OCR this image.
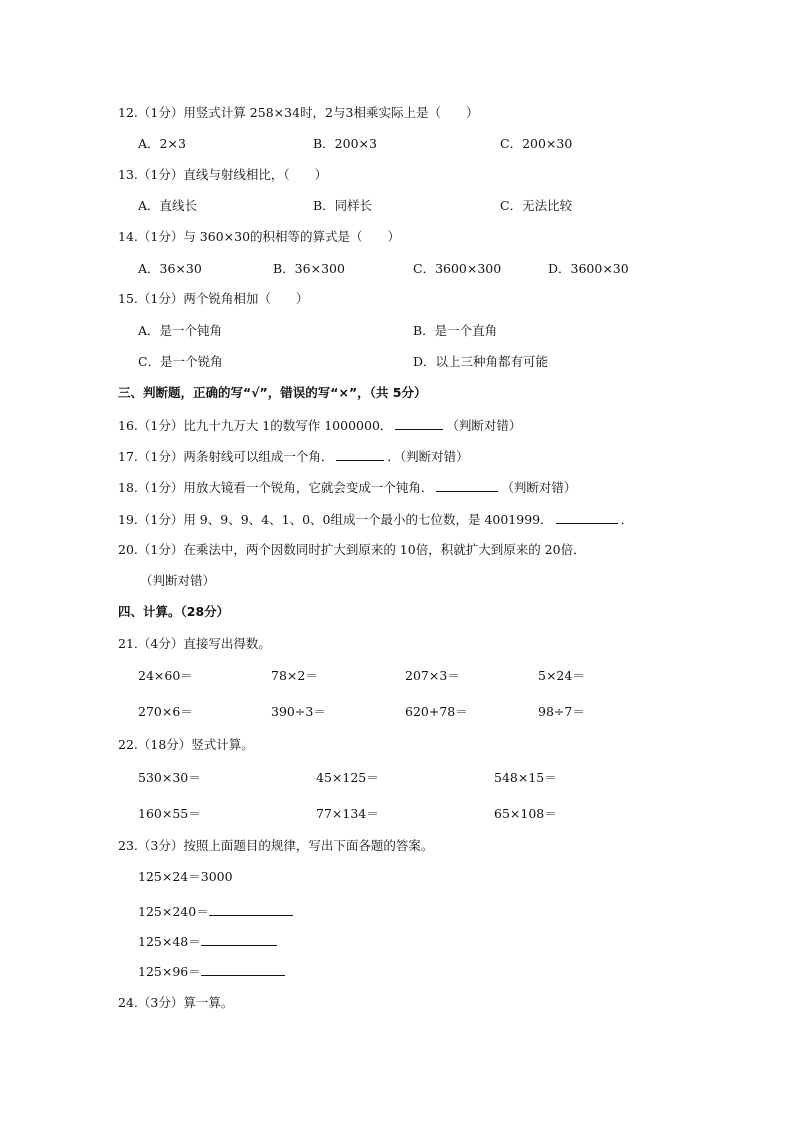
12.（1分）用竖式计算 258×34时，2与3相乘实际上是（　　）
A．2×3	B．200×3	C．200×30
13.（1分）直线与射线相比，（　　）
A．直线长	B．同样长	C．无法比较
14.（1分）与 360×30的积相等的算式是（　　）
A．36×30	B．36×300	C．3600×300	D．3600×30
15.（1分）两个锐角相加（　　）
A．是一个钝角	B．是一个直角
C．是一个锐角	D．以上三种角都有可能
三、判断题，正确的写“√”，错误的写“×”，（共 5分）
16.（1分）比九十九万大 1的数写作 1000000．	（判断对错）
17.（1分）两条射线可以组成一个角．	．（判断对错）
18.（1分）用放大镜看一个锐角，它就会变成一个钝角．	（判断对错）
19.（1分）用 9、9、9、4、1、0、0组成一个最小的七位数，是 4001999．	．
20.（1分）在乘法中，两个因数同时扩大到原来的 10倍，积就扩大到原来的 20倍．
（判断对错）
四、计算。（28分）
21.（4分）直接写出得数。
24×60＝	78×2＝	207×3＝	5×24＝
270×6＝	390÷3＝	620+78＝	98÷7＝
22.（18分）竖式计算。
530×30＝	45×125＝	548×15＝
160×55＝	77×134＝	65×108＝
23.（3分）按照上面题目的规律，写出下面各题的答案。
125×24＝3000
125×240＝
125×48＝
125×96＝
24.（3分）算一算。
